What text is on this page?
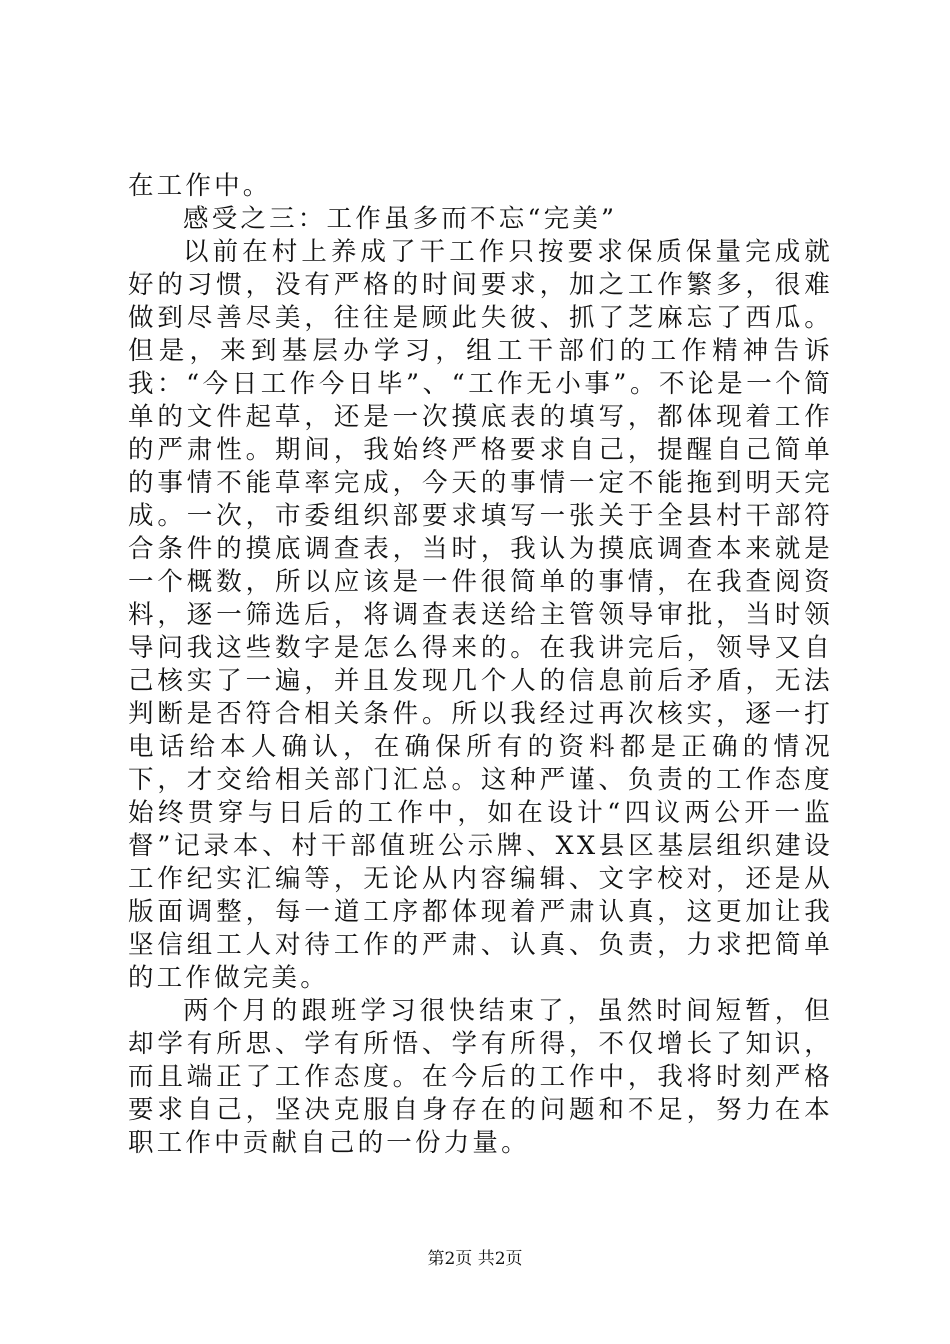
在工作中。

感受之三：工作虽多而不忘“完美”

以前在村上养成了干工作只按要求保质保量完成就好的习惯，没有严格的时间要求，加之工作繁多，很难做到尽善尽美，往往是顾此失彼、抓了芝麻忘了西瓜。但是，来到基层办学习，组工干部们的工作精神告诉我：“今日工作今日毕”、“工作无小事”。不论是一个简单的文件起草，还是一次摸底表的填写，都体现着工作的严肃性。期间，我始终严格要求自己，提醒自己简单的事情不能草率完成，今天的事情一定不能拖到明天完成。一次，市委组织部要求填写一张关于全县村干部符合条件的摸底调查表，当时，我认为摸底调查本来就是一个概数，所以应该是一件很简单的事情，在我查阅资料，逐一筛选后，将调查表送给主管领导审批，当时领导问我这些数字是怎么得来的。在我讲完后，领导又自己核实了一遍，并且发现几个人的信息前后矛盾，无法判断是否符合相关条件。所以我经过再次核实，逐一打电话给本人确认，在确保所有的资料都是正确的情况下，才交给相关部门汇总。这种严谨、负责的工作态度始终贯穿与日后的工作中，如在设计“四议两公开一监督”记录本、村干部值班公示牌、XX县区基层组织建设工作纪实汇编等，无论从内容编辑、文字校对，还是从版面调整，每一道工序都体现着严肃认真，这更加让我坚信组工人对待工作的严肃、认真、负责，力求把简单的工作做完美。

两个月的跟班学习很快结束了，虽然时间短暂，但却学有所思、学有所悟、学有所得，不仅增长了知识，而且端正了工作态度。在今后的工作中，我将时刻严格要求自己，坚决克服自身存在的问题和不足，努力在本职工作中贡献自己的一份力量。

第2页 共2页
